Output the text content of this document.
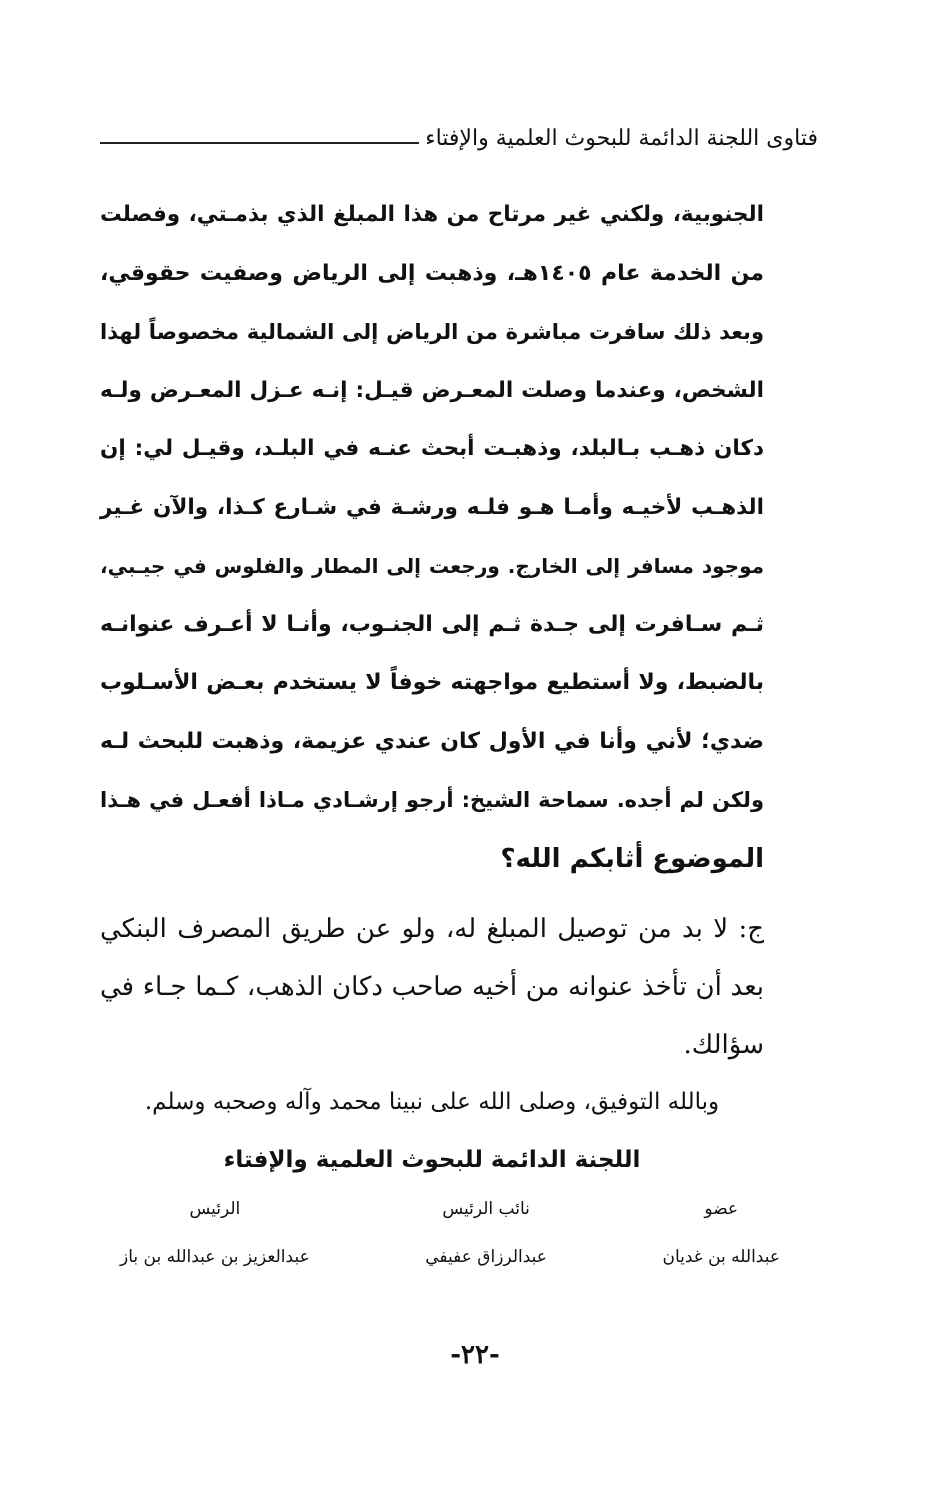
فتاوى اللجنة الدائمة للبحوث العلمية والإفتاء
الجنوبية، ولكني غير مرتاح من هذا المبلغ الذي بذمـتي، وفصلت
من الخدمة عام ١٤٠٥هـ، وذهبت إلى الرياض وصفيت حقوقي،
وبعد ذلك سافرت مباشرة من الرياض إلى الشمالية مخصوصاً لهذا
الشخص، وعندما وصلت المعـرض قيـل: إنـه عـزل المعـرض ولـه
دكان ذهـب بـالبلد، وذهبـت أبحث عنـه في البلـد، وقيـل لي: إن
الذهـب لأخيـه وأمـا هـو فلـه ورشـة في شـارع كـذا، والآن غـير
موجود مسافر إلى الخارج. ورجعت إلى المطار والفلوس في جيـبي،
ثـم سـافرت إلى جـدة ثـم إلى الجنـوب، وأنـا لا أعـرف عنوانـه
بالضبط، ولا أستطيع مواجهته خوفاً لا يستخدم بعـض الأسـلوب
ضدي؛ لأني وأنا في الأول كان عندي عزيمة، وذهبت للبحث لـه
ولكن لم أجده. سماحة الشيخ: أرجو إرشـادي مـاذا أفعـل في هـذا
الموضوع أثابكم الله؟
ج: لا بد من توصيل المبلغ له، ولو عن طريق المصرف البنكي
بعد أن تأخذ عنوانه من أخيه صاحب دكان الذهب، كـما جـاء في
سؤالك.
وبالله التوفيق، وصلى الله على نبينا محمد وآله وصحبه وسلم.
اللجنة الدائمة للبحوث العلمية والإفتاء
عضو
عبدالله بن غديان
نائب الرئيس
عبدالرزاق عفيفي
الرئيس
عبدالعزيز بن عبدالله بن باز
-٢٢-
